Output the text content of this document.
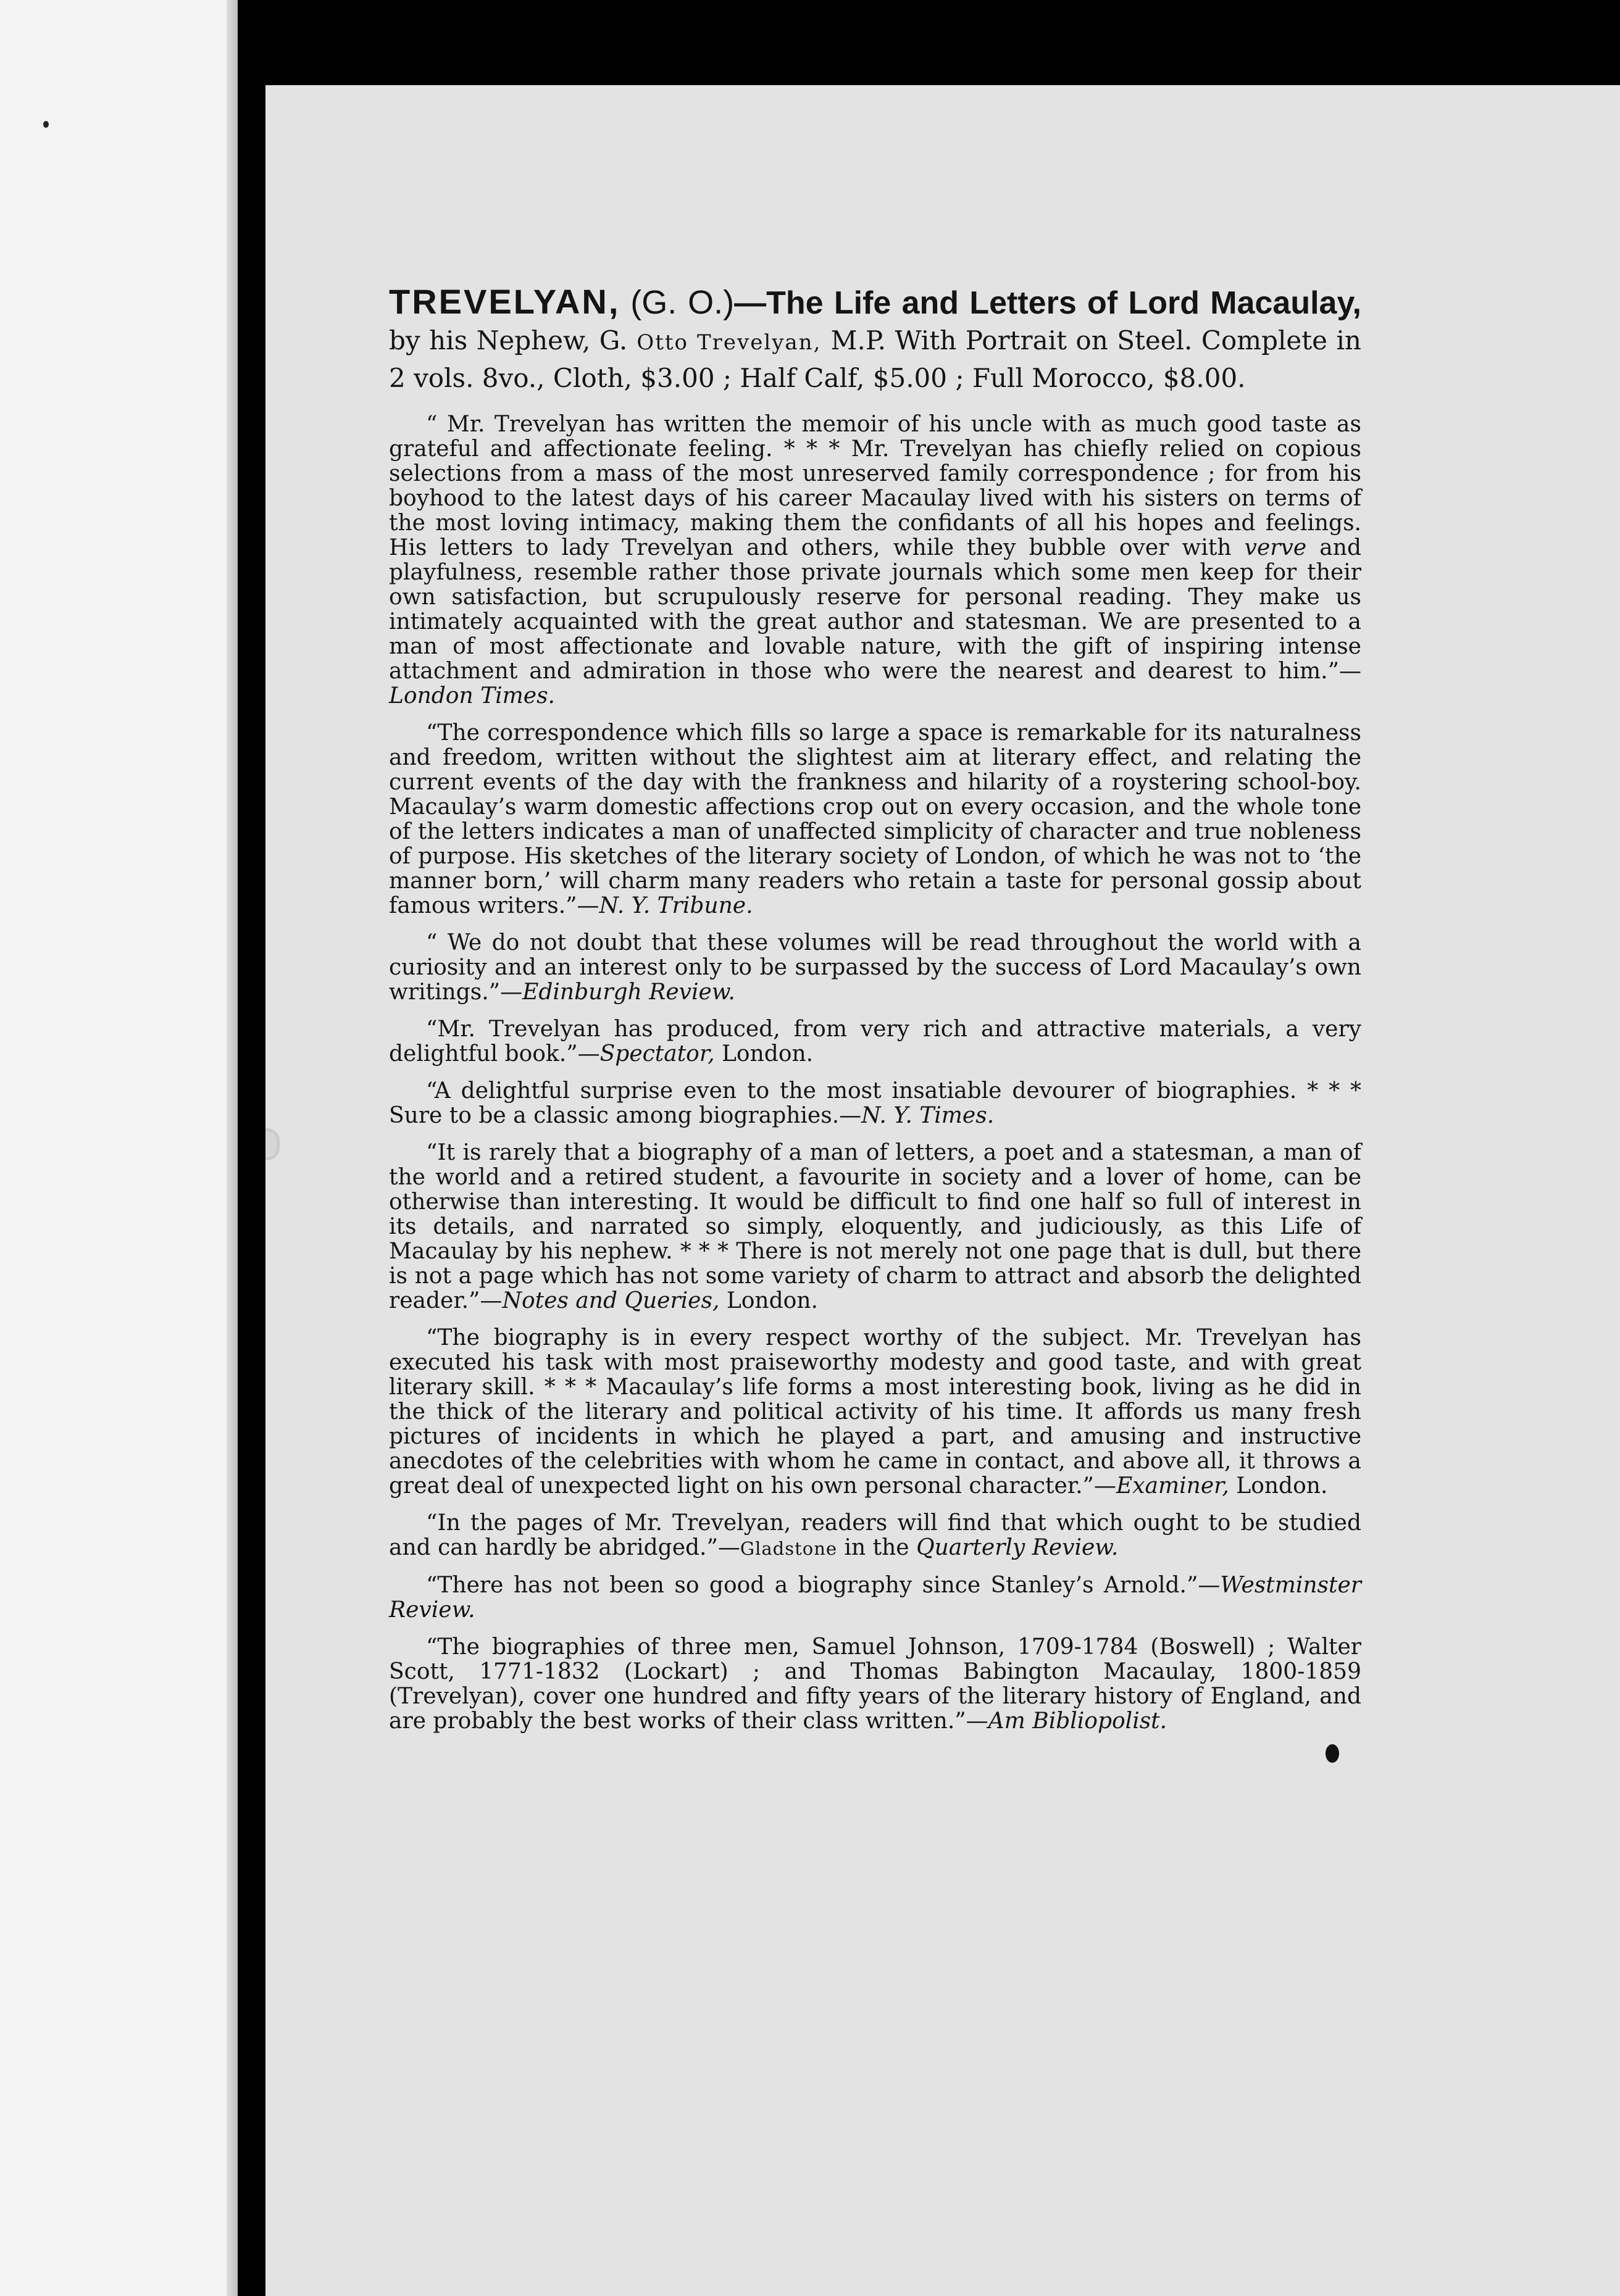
TREVELYAN, (G. O.)—The Life and Letters of Lord Macaulay, by his Nephew, G. Otto Trevelyan, M.P. With Portrait on Steel. Complete in 2 vols. 8vo., Cloth, $3.00 ; Half Calf, $5.00 ; Full Morocco, $8.00.

“ Mr. Trevelyan has written the memoir of his uncle with as much good taste as grateful and affectionate feeling. * * * Mr. Trevelyan has chiefly relied on copious selections from a mass of the most unreserved family correspondence ; for from his boyhood to the latest days of his career Macaulay lived with his sisters on terms of the most loving intimacy, making them the confidants of all his hopes and feelings. His letters to lady Trevelyan and others, while they bubble over with verve and playfulness, resemble rather those private journals which some men keep for their own satisfaction, but scrupulously reserve for personal reading. They make us intimately acquainted with the great author and statesman. We are presented to a man of most affectionate and lovable nature, with the gift of inspiring intense attachment and admiration in those who were the nearest and dearest to him.”—London Times.

“The correspondence which fills so large a space is remarkable for its naturalness and freedom, written without the slightest aim at literary effect, and relating the current events of the day with the frankness and hilarity of a roystering school-boy. Macaulay’s warm domestic affections crop out on every occasion, and the whole tone of the letters indicates a man of unaffected simplicity of character and true nobleness of purpose. His sketches of the literary society of London, of which he was not to ‘the manner born,’ will charm many readers who retain a taste for personal gossip about famous writers.”—N. Y. Tribune.

“ We do not doubt that these volumes will be read throughout the world with a curiosity and an interest only to be surpassed by the success of Lord Macaulay’s own writings.”—Edinburgh Review.

“Mr. Trevelyan has produced, from very rich and attractive materials, a very delightful book.”—Spectator, London.

“A delightful surprise even to the most insatiable devourer of biographies. * * * Sure to be a classic among biographies.—N. Y. Times.

“It is rarely that a biography of a man of letters, a poet and a statesman, a man of the world and a retired student, a favourite in society and a lover of home, can be otherwise than interesting. It would be difficult to find one half so full of interest in its details, and narrated so simply, eloquently, and judiciously, as this Life of Macaulay by his nephew. * * * There is not merely not one page that is dull, but there is not a page which has not some variety of charm to attract and absorb the delighted reader.”—Notes and Queries, London.

“The biography is in every respect worthy of the subject. Mr. Trevelyan has executed his task with most praiseworthy modesty and good taste, and with great literary skill. * * * Macaulay’s life forms a most interesting book, living as he did in the thick of the literary and political activity of his time. It affords us many fresh pictures of incidents in which he played a part, and amusing and instructive anecdotes of the celebrities with whom he came in contact, and above all, it throws a great deal of unexpected light on his own personal character.”—Examiner, London.

“In the pages of Mr. Trevelyan, readers will find that which ought to be studied and can hardly be abridged.”—Gladstone in the Quarterly Review.

“There has not been so good a biography since Stanley’s Arnold.”—Westminster Review.

“The biographies of three men, Samuel Johnson, 1709-1784 (Boswell) ; Walter Scott, 1771-1832 (Lockart) ; and Thomas Babington Macaulay, 1800-1859 (Trevelyan), cover one hundred and fifty years of the literary history of England, and are probably the best works of their class written.”—Am Bibliopolist.
